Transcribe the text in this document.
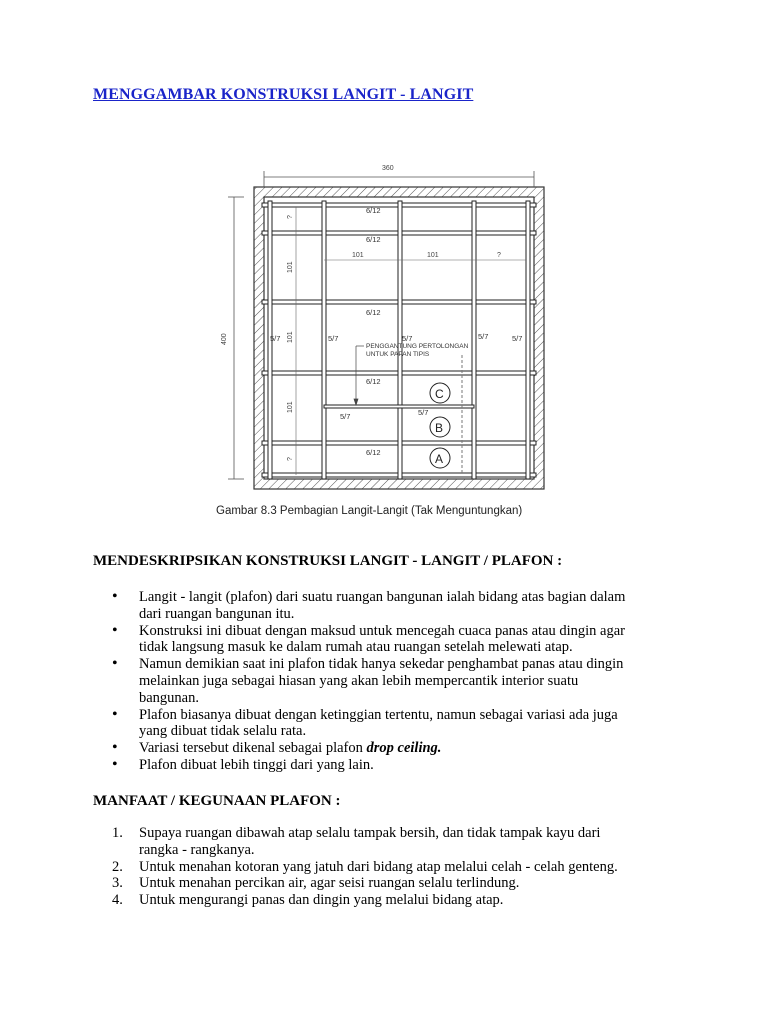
MENGGAMBAR KONSTRUKSI LANGIT - LANGIT
360
400
101	101	?
101
101
101
?
?
6/12
6/12
6/12
6/12
6/12
5/7	5/7	5/7	5/7	5/7
5/7	5/7
PENGGANTUNG PERTOLONGAN
UNTUK PAPAN TIPIS
C
B
A
Gambar 8.3 Pembagian Langit-Langit (Tak Menguntungkan)
MENDESKRIPSIKAN KONSTRUKSI LANGIT - LANGIT / PLAFON :
• Langit - langit (plafon) dari suatu ruangan bangunan ialah bidang atas bagian dalam
dari ruangan bangunan itu.
• Konstruksi ini dibuat dengan maksud untuk mencegah cuaca panas atau dingin agar
tidak langsung masuk ke dalam rumah atau ruangan setelah melewati atap.
• Namun demikian saat ini plafon tidak hanya sekedar penghambat panas atau dingin
melainkan juga sebagai hiasan yang akan lebih mempercantik interior suatu
bangunan.
• Plafon biasanya dibuat dengan ketinggian tertentu, namun sebagai variasi ada juga
yang dibuat tidak selalu rata.
• Variasi tersebut dikenal sebagai plafon drop ceiling.
• Plafon dibuat lebih tinggi dari yang lain.
MANFAAT / KEGUNAAN PLAFON :
1. Supaya ruangan dibawah atap selalu tampak bersih, dan tidak tampak kayu dari
rangka - rangkanya.
2. Untuk menahan kotoran yang jatuh dari bidang atap melalui celah - celah genteng.
3. Untuk menahan percikan air, agar seisi ruangan selalu terlindung.
4. Untuk mengurangi panas dan dingin yang melalui bidang atap.
